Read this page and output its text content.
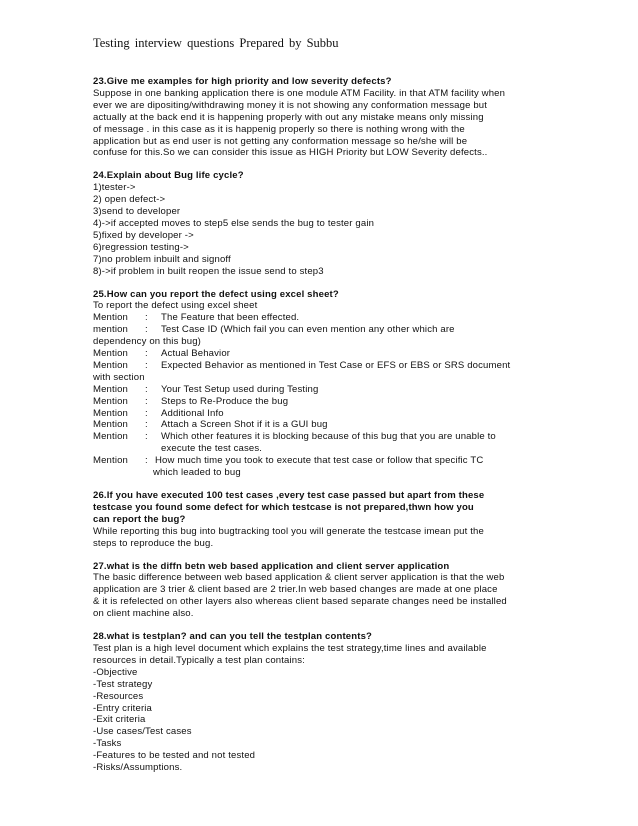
Testing interview questions Prepared by Subbu
23.Give me examples for high priority and low severity defects?
Suppose in one banking application there is one module ATM Facility. in that ATM facility when
ever we are dipositing/withdrawing money it is not showing any conformation message but
actually at the back end it is happening properly with out any mistake means only missing
of message . in this case as it is happenig properly so there is nothing wrong with the
application but as end user is not getting any conformation message so he/she will be
confuse for this.So we can consider this issue as HIGH Priority but LOW Severity defects..
24.Explain about Bug life cycle?
1)tester->
2) open defect->
3)send to developer
4)->if accepted moves to step5 else sends the bug to tester gain
5)fixed by developer ->
6)regression testing->
7)no problem inbuilt and signoff
8)->if problem in built reopen the issue send to step3
25.How can you report the defect using excel sheet?
To report the defect using excel sheet
Mention : The Feature that been effected.
mention : Test Case ID (Which fail you can even mention any other which are
dependency on this bug)
Mention : Actual Behavior
Mention : Expected Behavior as mentioned in Test Case or EFS or EBS or SRS document
with section
Mention : Your Test Setup used during Testing
Mention : Steps to Re-Produce the bug
Mention : Additional Info
Mention : Attach a Screen Shot if it is a GUI bug
Mention : Which other features it is blocking because of this bug that you are unable to
execute the test cases.
Mention : How much time you took to execute that test case or follow that specific TC
which leaded to bug
26.If you have executed 100 test cases ,every test case passed but apart from these
testcase you found some defect for which testcase is not prepared,thwn how you
can report the bug?
While reporting this bug into bugtracking tool you will generate the testcase imean put the
steps to reproduce the bug.
27.what is the diffn betn web based application and client server application
The basic difference between web based application & client server application is that the web
application are 3 trier & client based are 2 trier.In web based changes are made at one place
& it is refelected on other layers also whereas client based separate changes need be installed
on client machine also.
28.what is testplan? and can you tell the testplan contents?
Test plan is a high level document which explains the test strategy,time lines and available
resources in detail.Typically a test plan contains:
-Objective
-Test strategy
-Resources
-Entry criteria
-Exit criteria
-Use cases/Test cases
-Tasks
-Features to be tested and not tested
-Risks/Assumptions.
